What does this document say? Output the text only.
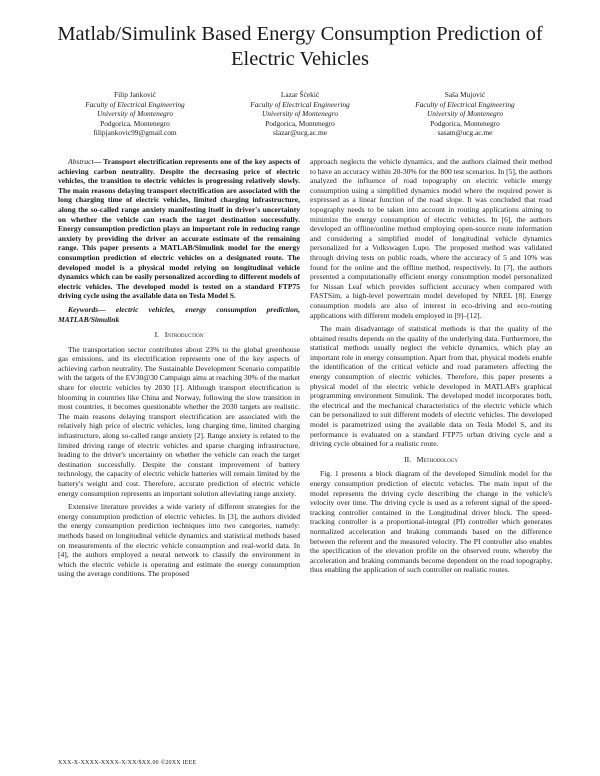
Matlab/Simulink Based Energy Consumption Prediction of Electric Vehicles
Filip Janković
Faculty of Electrical Engineering
University of Montenegro
Podgorica, Montenegro
filipjankovic99@gmail.com
Lazar Šćekić
Faculty of Electrical Engineering
University of Montenegro
Podgorica, Montenegro
slazar@ucg.ac.me
Saša Mujović
Faculty of Electrical Engineering
University of Montenegro
Podgorica, Montenegro
sasam@ucg.ac.me

Abstract— Transport electrification represents one of the key aspects of achieving carbon neutrality. Despite the decreasing price of electric vehicles, the transition to electric vehicles is progressing relatively slowly. The main reasons delaying transport electrification are associated with the long charging time of electric vehicles, limited charging infrastructure, along the so-called range anxiety manifesting itself in driver's uncertainty on whether the vehicle can reach the target destination successfully. Energy consumption prediction plays an important role in reducing range anxiety by providing the driver an accurate estimate of the remaining range. This paper presents a MATLAB/Simulink model for the energy consumption prediction of electric vehicles on a designated route. The developed model is a physical model relying on longitudinal vehicle dynamics which can be easily personalized according to different models of electric vehicles. The developed model is tested on a standard FTP75 driving cycle using the available data on Tesla Model S.

Keywords— electric vehicles, energy consumption prediction, MATLAB/Simulink

I. Introduction

The transportation sector contributes about 23% to the global greenhouse gas emissions, and its electrification represents one of the key aspects of achieving carbon neutrality. The Sustainable Development Scenario compatible with the targets of the EV30@30 Campaign aims at reaching 30% of the market share for electric vehicles by 2030 [1]. Although transport electrification is blooming in countries like China and Norway, following the slow transition in most countries, it becomes questionable whether the 2030 targets are realistic. The main reasons delaying transport electrification are associated with the relatively high price of electric vehicles, long charging time, limited charging infrastructure, along so-called range anxiety [2]. Range anxiety is related to the limited driving range of electric vehicles and sparse charging infrastructure, leading to the driver's uncertainty on whether the vehicle can reach the target destination successfully. Despite the constant improvement of battery technology, the capacity of electric vehicle batteries will remain limited by the battery's weight and cost. Therefore, accurate prediction of electric vehicle energy consumption represents an important solution alleviating range anxiety.

Extensive literature provides a wide variety of different strategies for the energy consumption prediction of electric vehicles. In [3], the authors divided the energy consumption prediction techniques into two categories, namely: methods based on longitudinal vehicle dynamics and statistical methods based on measurements of the electric vehicle consumption and real-world data. In [4], the authors employed a neural network to classify the environment in which the electric vehicle is operating and estimate the energy consumption using the average conditions. The proposed

approach neglects the vehicle dynamics, and the authors claimed their method to have an accuracy within 20-30% for the 800 test scenarios. In [5], the authors analyzed the influence of road topography on electric vehicle energy consumption using a simplified dynamics model where the required power is expressed as a linear function of the road slope. It was concluded that road topography needs to be taken into account in routing applications aiming to minimize the energy consumption of electric vehicles. In [6], the authors developed an offline/online method employing open-source route information and considering a simplified model of longitudinal vehicle dynamics personalized for a Volkswagen Lupo. The proposed method was validated through driving tests on public roads, where the accuracy of 5 and 10% was found for the online and the offline method, respectively. In [7], the authors presented a computationally efficient energy consumption model personalized for Nissan Leaf which provides sufficient accuracy when compared with FASTSim, a high-level powertrain model developed by NREL [8]. Energy consumption models are also of interest in eco-driving and eco-routing applications with different models employed in [9]–[12].

The main disadvantage of statistical methods is that the quality of the obtained results depends on the quality of the underlying data. Furthermore, the statistical methods usually neglect the vehicle dynamics, which play an important role in energy consumption. Apart from that, physical models enable the identification of the critical vehicle and road parameters affecting the energy consumption of electric vehicles. Therefore, this paper presents a physical model of the electric vehicle developed in MATLAB's graphical programming environment Simulink. The developed model incorporates both, the electrical and the mechanical characteristics of the electric vehicle which can be personalized to suit different models of electric vehicles. The developed model is parametrized using the available data on Tesla Model S, and its performance is evaluated on a standard FTP75 urban driving cycle and a driving cycle obtained for a realistic route.

II. Methodology

Fig. 1 presents a block diagram of the developed Simulink model for the energy consumption prediction of electric vehicles. The main input of the model represents the driving cycle describing the change in the vehicle's velocity over time. The driving cycle is used as a referent signal of the speed-tracking controller contained in the Longitudinal driver block. The speed-tracking controller is a proportional-integral (PI) controller which generates normalized acceleration and braking commands based on the difference between the referent and the measured velocity. The PI controller also enables the specification of the elevation profile on the observed route, whereby the acceleration and braking commands become dependent on the road topography, thus enabling the application of such controller on realistic routes.

XXX-X-XXXX-XXXX-X/XX/$XX.00 ©20XX IEEE
